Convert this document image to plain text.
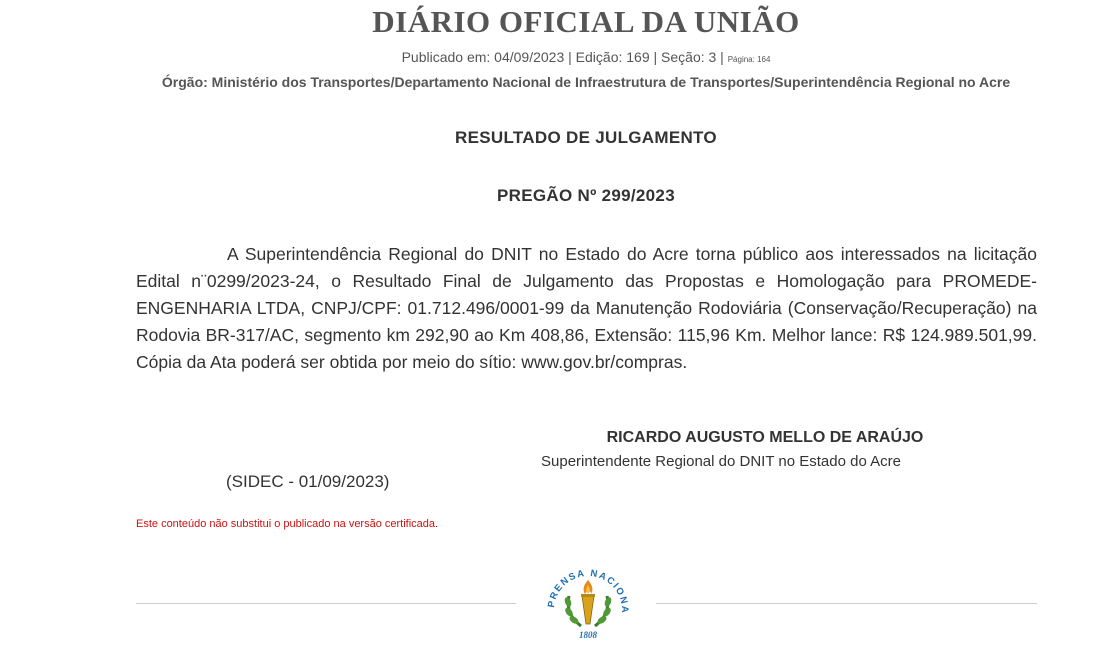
DIÁRIO OFICIAL DA UNIÃO
Publicado em: 04/09/2023 | Edição: 169 | Seção: 3 | Página: 164
Órgão: Ministério dos Transportes/Departamento Nacional de Infraestrutura de Transportes/Superintendência Regional no Acre
RESULTADO DE JULGAMENTO
PREGÃO Nº 299/2023
A Superintendência Regional do DNIT no Estado do Acre torna público aos interessados na licitação Edital n¨0299/2023-24, o Resultado Final de Julgamento das Propostas e Homologação para PROMEDE-ENGENHARIA LTDA, CNPJ/CPF: 01.712.496/0001-99 da Manutenção Rodoviária (Conservação/Recuperação) na Rodovia BR-317/AC, segmento km 292,90 ao Km 408,86, Extensão: 115,96 Km. Melhor lance: R$ 124.989.501,99. Cópia da Ata poderá ser obtida por meio do sítio: www.gov.br/compras.
RICARDO AUGUSTO MELLO DE ARAÚJO
Superintendente Regional do DNIT no Estado do Acre
(SIDEC - 01/09/2023)
Este conteúdo não substitui o publicado na versão certificada.
PRENSA NACIONA
1808
